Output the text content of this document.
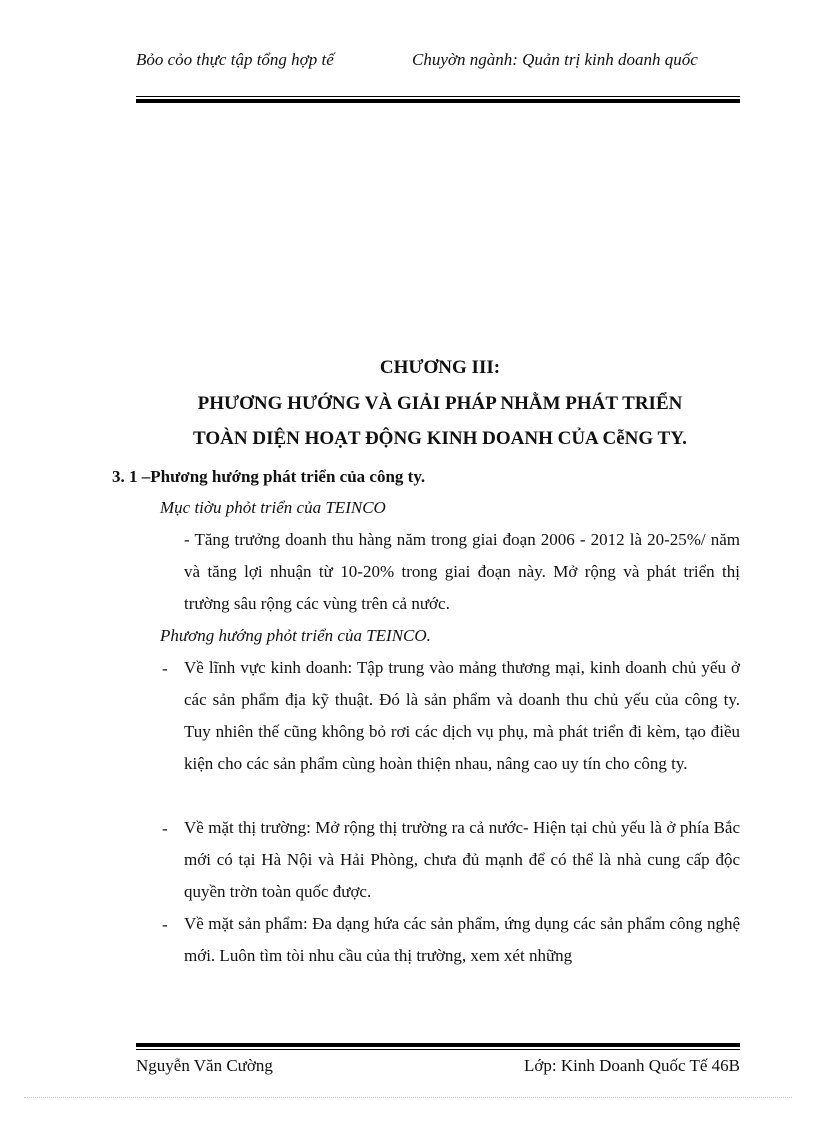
Bỏo cỏo thực tập tổng hợp tế	Chuyờn ngành: Quản trị kinh doanh quốc
CHƯƠNG III:
PHƯƠNG HƯỚNG VÀ GIẢI PHÁP NHẰM PHÁT TRIỂN
TOÀN DIỆN HOẠT ĐỘNG KINH DOANH CỦA CễNG TY.
3. 1 –Phương hướng phát triển của công ty.
Mục tiờu phỏt triển của TEINCO
- Tăng trưởng doanh thu hàng năm trong giai đoạn 2006 - 2012 là 20-25%/ năm và tăng lợi nhuận từ 10-20% trong giai đoạn này. Mở rộng và phát triển thị trường sâu rộng các vùng trên cả nước.
Phương hướng phỏt triển của TEINCO.
- Về lĩnh vực kinh doanh: Tập trung vào mảng thương mại, kinh doanh chủ yếu ở các sản phẩm địa kỹ thuật. Đó là sản phẩm và doanh thu chủ yếu của công ty. Tuy nhiên thế cũng không bỏ rơi các dịch vụ phụ, mà phát triển đi kèm, tạo điều kiện cho các sản phẩm cùng hoàn thiện nhau, nâng cao uy tín cho công ty.
- Về mặt thị trường: Mở rộng thị trường ra cả nước- Hiện tại chủ yếu là ở phía Bắc mới có tại Hà Nội và Hải Phòng, chưa đủ mạnh để có thể là nhà cung cấp độc quyền trờn toàn quốc được.
- Về mặt sản phẩm: Đa dạng hứa các sản phẩm, ứng dụng các sản phẩm công nghệ mới. Luôn tìm tòi nhu cầu của thị trường, xem xét những
Nguyễn Văn Cường	Lớp: Kinh Doanh Quốc Tế 46B
